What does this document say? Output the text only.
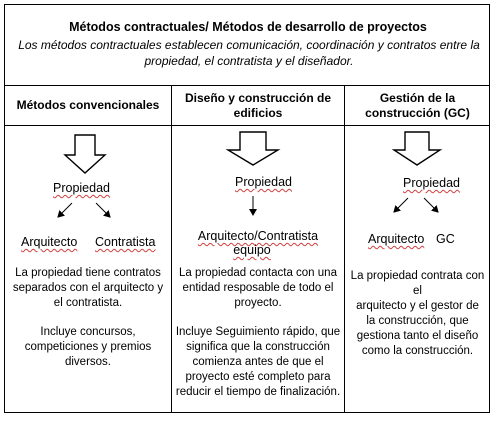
Métodos contractuales/ Métodos de desarrollo de proyectos
Los métodos contractuales establecen comunicación, coordinación y contratos entre la
propiedad, el contratista y el diseñador.
Métodos convencionales	Diseño y construcción de
edificios
Gestión de la
construcción (GC)
Propiedad
Arquitecto Contratista
Propiedad
Arquitecto/Contratista
equipo
Propiedad
Arquitecto GC
La propiedad tiene contratos
separados con el arquitecto y
el contratista.
Incluye concursos,
competiciones y premios
diversos.
La propiedad contacta con una
entidad resposable de todo el
proyecto.
Incluye Seguimiento rápido, que
significa que la construcción
comienza antes de que el
proyecto esté completo para
reducir el tiempo de finalización.
La propiedad contrata con el
arquitecto y el gestor de
la construcción, que
gestiona tanto el diseño
como la construcción.
